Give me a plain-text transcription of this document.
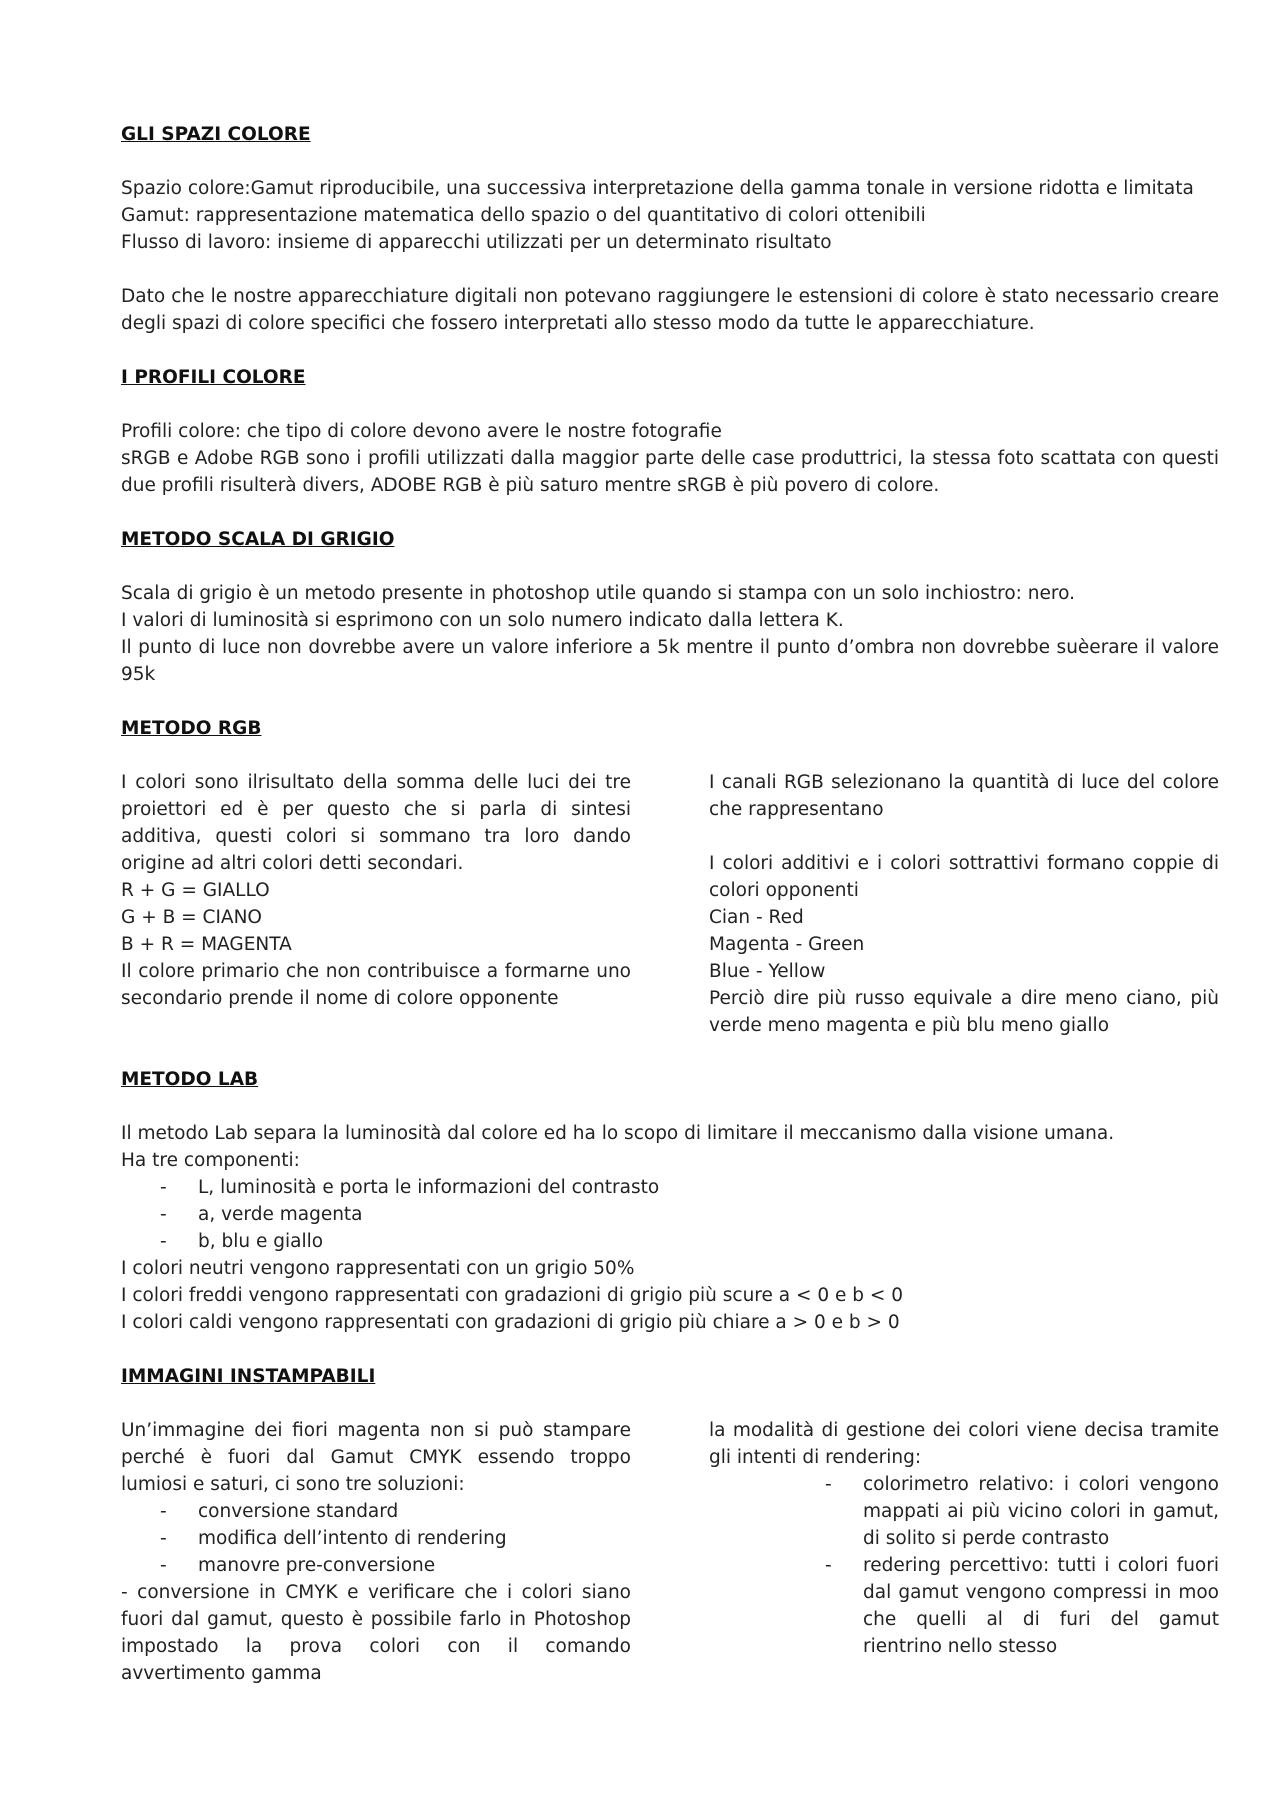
GLI SPAZI COLORE

Spazio colore:Gamut riproducibile, una successiva interpretazione della gamma tonale in versione ridotta e limitata

Gamut: rappresentazione matematica dello spazio o del quantitativo di colori ottenibili

Flusso di lavoro: insieme di apparecchi utilizzati per un determinato risultato

Dato che le nostre apparecchiature digitali non potevano raggiungere le estensioni di colore è stato necessario creare degli spazi di colore specifici che fossero interpretati allo stesso modo da tutte le apparecchiature.

I PROFILI COLORE

Profili colore: che tipo di colore devono avere le nostre fotografie

sRGB e Adobe RGB sono i profili utilizzati dalla maggior parte delle case produttrici, la stessa foto scattata con questi due profili risulterà divers, ADOBE RGB è più saturo mentre sRGB è più povero di colore.

METODO SCALA DI GRIGIO

Scala di grigio è un metodo presente in photoshop utile quando si stampa con un solo inchiostro: nero.

I valori di luminosità si esprimono con un solo numero indicato dalla lettera K.

Il punto di luce non dovrebbe avere un valore inferiore a 5k mentre il punto d’ombra non dovrebbe suèerare il valore 95k

METODO RGB

I colori sono ilrisultato della somma delle luci dei tre proiettori ed è per questo che si parla di sintesi additiva, questi colori si sommano tra loro dando origine ad altri colori detti secondari.

R + G = GIALLO

G + B = CIANO

B + R = MAGENTA

Il colore primario che non contribuisce a formarne uno secondario prende il nome di colore opponente

I canali RGB selezionano la quantità di luce del colore che rappresentano

I colori additivi e i colori sottrattivi formano coppie di colori opponenti

Cian - Red

Magenta - Green

Blue - Yellow

Perciò dire più russo equivale a dire meno ciano, più verde meno magenta e più blu meno giallo

METODO LAB

Il metodo Lab separa la luminosità dal colore ed ha lo scopo di limitare il meccanismo dalla visione umana.

Ha tre componenti:

-	L, luminosità e porta le informazioni del contrasto
-	a, verde magenta
-	b, blu e giallo

I colori neutri vengono rappresentati con un grigio 50%

I colori freddi vengono rappresentati con gradazioni di grigio più scure a < 0 e b < 0

I colori caldi vengono rappresentati con gradazioni di grigio più chiare a > 0 e b > 0

IMMAGINI INSTAMPABILI

Un’immagine dei fiori magenta non si può stampare perché è fuori dal Gamut CMYK essendo troppo lumiosi e saturi, ci sono tre soluzioni:

-	conversione standard
-	modifica dell’intento di rendering
-	manovre pre-conversione

- conversione in CMYK e verificare che i colori siano fuori dal gamut, questo è possibile farlo in Photoshop impostado la prova colori con il comando avvertimento gamma

la modalità di gestione dei colori viene decisa tramite gli intenti di rendering:

-	colorimetro relativo: i colori vengono mappati ai più vicino colori in gamut, di solito si perde contrasto
-	redering percettivo: tutti i colori fuori dal gamut vengono compressi in moo che quelli al di furi del gamut rientrino nello stesso
